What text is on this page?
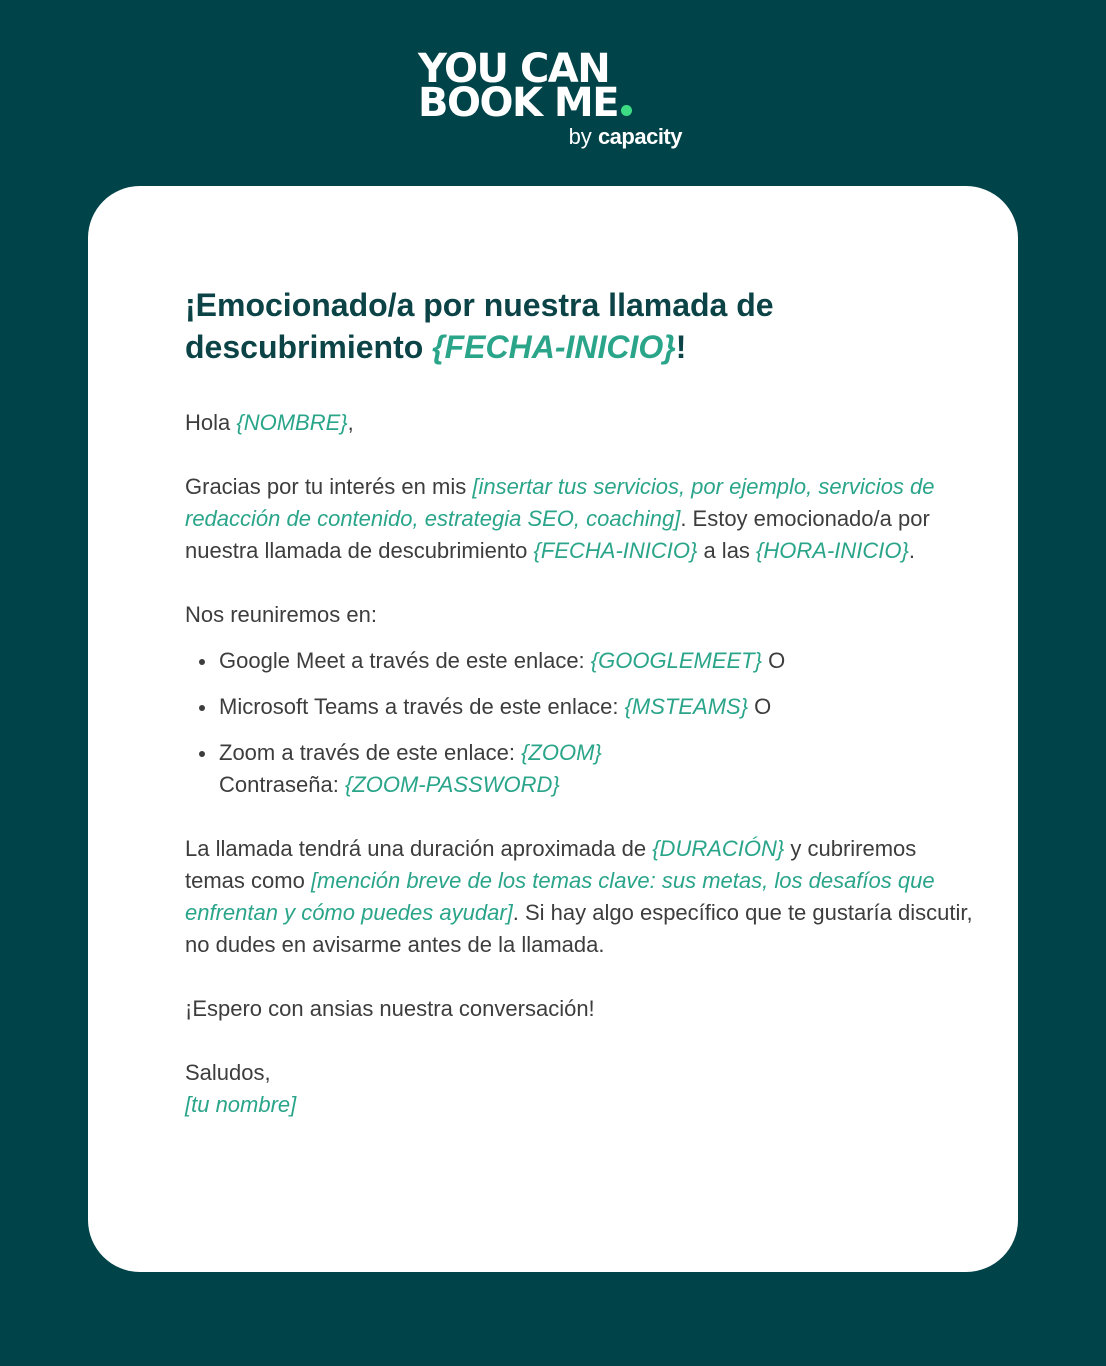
YOU CAN
BOOK ME
by capacity
¡Emocionado/a por nuestra llamada de descubrimiento {FECHA-INICIO}!

Hola {NOMBRE},

Gracias por tu interés en mis [insertar tus servicios, por ejemplo, servicios de redacción de contenido, estrategia SEO, coaching]. Estoy emocionado/a por nuestra llamada de descubrimiento {FECHA-INICIO} a las {HORA-INICIO}.

Nos reuniremos en:

Google Meet a través de este enlace: {GOOGLEMEET} O
Microsoft Teams a través de este enlace: {MSTEAMS} O
Zoom a través de este enlace: {ZOOM}
Contraseña: {ZOOM-PASSWORD}

La llamada tendrá una duración aproximada de {DURACIÓN} y cubriremos temas como [mención breve de los temas clave: sus metas, los desafíos que enfrentan y cómo puedes ayudar]. Si hay algo específico que te gustaría discutir, no dudes en avisarme antes de la llamada.

¡Espero con ansias nuestra conversación!

Saludos,

[tu nombre]
